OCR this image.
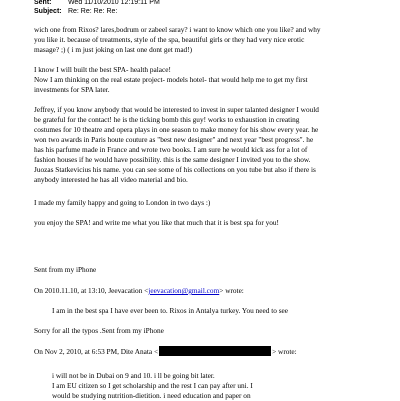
Sent: Wed 11/10/2010 12:19:11 PM
Subject: Re: Re: Re: Re:
wich one from Rixos? lares,bodrum or zabeel saray? i want to know which one you like? and why
you like it. because of treatments, style of the spa, beautiful girls or they had very nice erotic
masage? ;) ( i m just joking on last one dont get mad!)
I know I will built the best SPA- health palace!
Now I am thinking on the real estate project- models hotel- that would help me to get my first
investments for SPA later.
Jeffrey, if you know anybody that would be interested to invest in super talanted designer I would
be grateful for the contact! he is the ticking bomb this guy! works to exhaustion in creating
costumes for 10 theatre and opera plays in one season to make money for his show every year. he
won two awards in Paris houte couture as "best new designer" and next year "best progress". he
has his parfume made in France and wrote two books. I am sure he would kick ass for a lot of
fashion houses if he would have possibility. this is the same designer I invited you to the show.
Juozas Statkevicius his name. you can see some of his collections on you tube but also if there is
anybody interested he has all video material and bio.
I made my family happy and going to London in two days :)
you enjoy the SPA! and write me what you like that much that it is best spa for you!
Sent from my iPhone
On 2010.11.10, at 13:10, Jeevacation <jeevacation@gmail.com> wrote:
I am in the best spa I have ever been to. Rixos in Antalya turkey. You need to see
Sorry for all the typos .Sent from my iPhone
On Nov 2, 2010, at 6:53 PM, Dite Anata <	> wrote:
i will not be in Dubai on 9 and 10. i ll be going bit later.
I am EU citizen so I get scholarship and the rest I can pay after uni. I
would be studying nutrition-dietition. i need education and paper on
